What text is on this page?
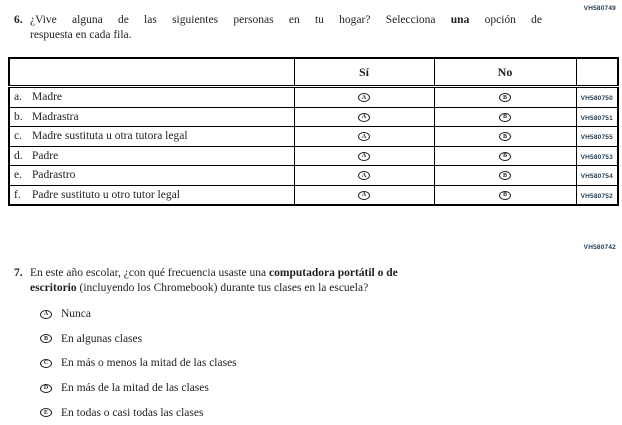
VH580749
6. ¿Vive alguna de las siguientes personas en tu hogar? Selecciona una opción de
respuesta en cada fila.
	Sí	No	
a. Madre	A	B	VH580750
b. Madrastra	A	B	VH580751
c. Madre sustituta u otra tutora legal	A	B	VH580755
d. Padre	A	B	VH580753
e. Padrastro	A	B	VH580754
f. Padre sustituto u otro tutor legal	A	B	VH580752
VH580742
7. En este año escolar, ¿con qué frecuencia usaste una computadora portátil o de
escritorio (incluyendo los Chromebook) durante tus clases en la escuela?
A Nunca
B En algunas clases
C En más o menos la mitad de las clases
D En más de la mitad de las clases
E En todas o casi todas las clases
